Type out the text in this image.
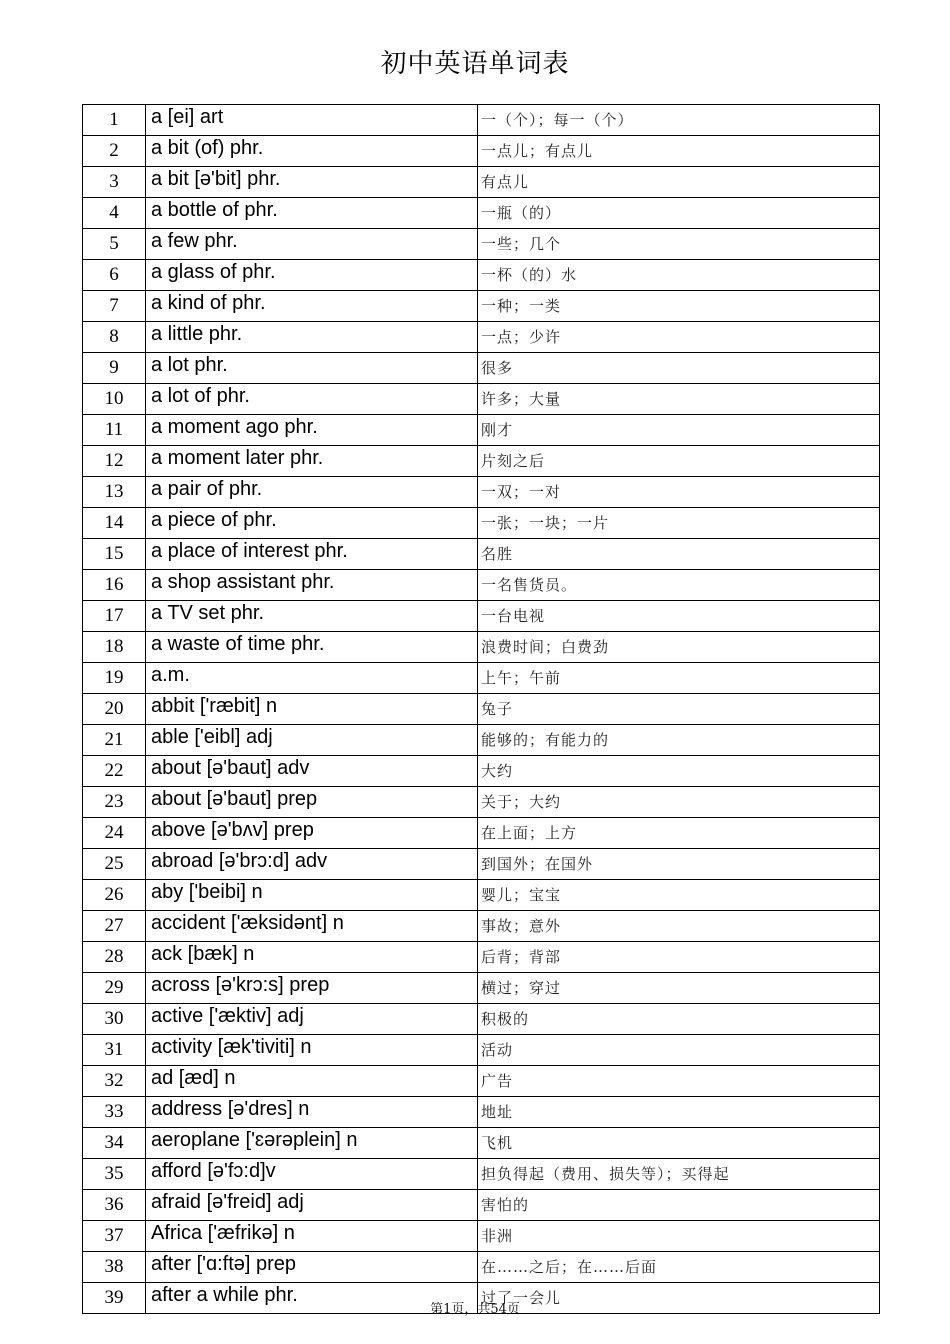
初中英语单词表
1	a [ei] art	一（个）；每一（个）
2	a bit (of) phr.	一点儿；有点儿
3	a bit [ə'bit] phr.	有点儿
4	a bottle of phr.	一瓶（的）
5	a few phr.	一些；几个
6	a glass of phr.	一杯（的）水
7	a kind of phr.	一种；一类
8	a little phr.	一点；少许
9	a lot phr.	很多
10	a lot of phr.	许多；大量
11	a moment ago phr.	刚才
12	a moment later phr.	片刻之后
13	a pair of phr.	一双；一对
14	a piece of phr.	一张；一块；一片
15	a place of interest phr.	名胜
16	a shop assistant phr.	一名售货员。
17	a TV set phr.	一台电视
18	a waste of time phr.	浪费时间；白费劲
19	a.m.	上午；午前
20	abbit ['ræbit] n	兔子
21	able ['eibl] adj	能够的；有能力的
22	about [ə'baut] adv	大约
23	about [ə'baut] prep	关于；大约
24	above [ə'bʌv] prep	在上面；上方
25	abroad [ə'brɔ:d] adv	到国外；在国外
26	aby ['beibi] n	婴儿；宝宝
27	accident ['æksidənt] n	事故；意外
28	ack [bæk] n	后背；背部
29	across [ə'krɔ:s] prep	横过；穿过
30	active ['æktiv] adj	积极的
31	activity [æk'tiviti] n	活动
32	ad [æd] n	广告
33	address [ə'dres] n	地址
34	aeroplane ['ɛərəplein] n	飞机
35	afford [ə'fɔ:d]v	担负得起（费用、损失等）；买得起
36	afraid [ə'freid] adj	害怕的
37	Africa ['æfrikə] n	非洲
38	after ['ɑ:ftə] prep	在……之后；在……后面
39	after a while phr.	过了一会儿
第1页，共54页
